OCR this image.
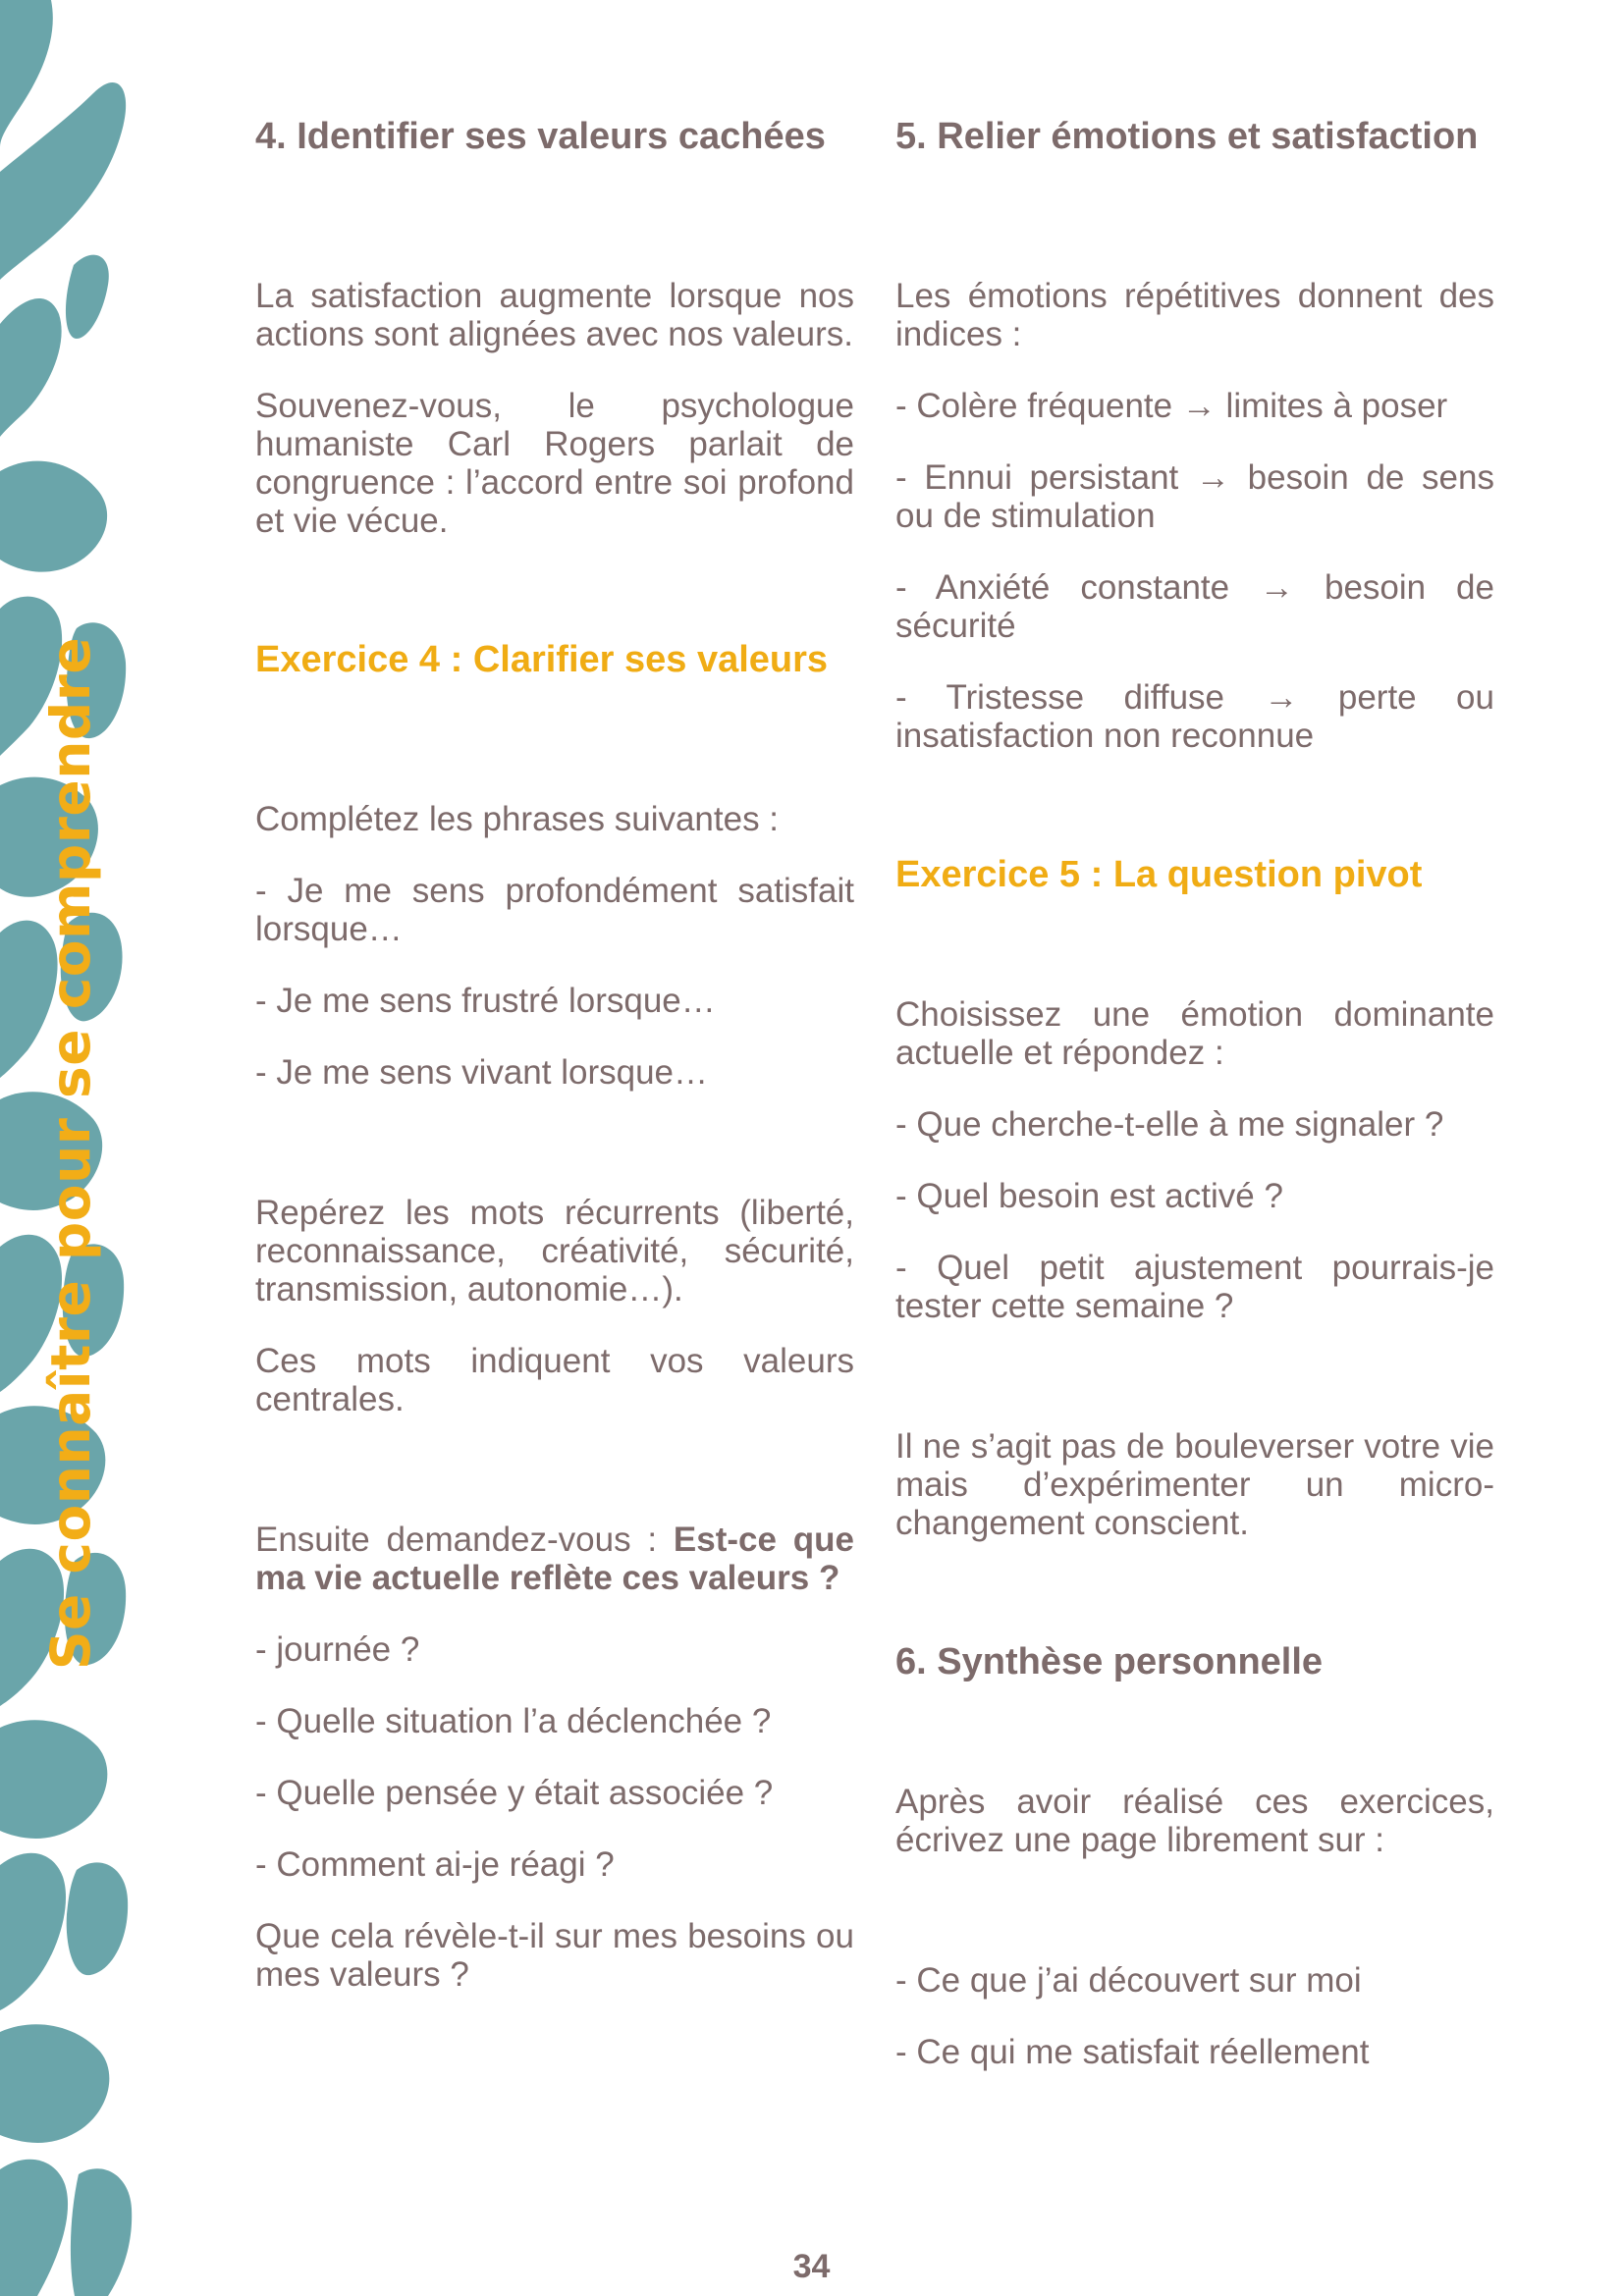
Se connaître pour se comprendre
4. Identifier ses valeurs cachées

La satisfaction augmente lorsque nos actions sont alignées avec nos valeurs.

Souvenez-vous, le psychologue humaniste Carl Rogers parlait de congruence : l’accord entre soi profond et vie vécue.

Exercice 4 : Clarifier ses valeurs

Complétez les phrases suivantes :

- Je me sens profondément satisfait lorsque…

- Je me sens frustré lorsque…

- Je me sens vivant lorsque…

Repérez les mots récurrents (liberté, reconnaissance, créativité, sécurité, transmission, autonomie…).

Ces mots indiquent vos valeurs centrales.

Ensuite demandez-vous : Est-ce que ma vie actuelle reflète ces valeurs ?

- journée ?

- Quelle situation l’a déclenchée ?

- Quelle pensée y était associée ?

- Comment ai-je réagi ?

Que cela révèle-t-il sur mes besoins ou mes valeurs ?

5. Relier émotions et satisfaction

Les émotions répétitives donnent des indices :

- Colère fréquente → limites à poser

- Ennui persistant → besoin de sens ou de stimulation

- Anxiété constante → besoin de sécurité

- Tristesse diffuse → perte ou insatisfaction non reconnue

Exercice 5 : La question pivot

Choisissez une émotion dominante actuelle et répondez :

- Que cherche-t-elle à me signaler ?

- Quel besoin est activé ?

- Quel petit ajustement pourrais-je tester cette semaine ?

Il ne s’agit pas de bouleverser votre vie mais d’expérimenter un micro-changement conscient.

6. Synthèse personnelle

Après avoir réalisé ces exercices, écrivez une page librement sur :

- Ce que j’ai découvert sur moi

- Ce qui me satisfait réellement

34
